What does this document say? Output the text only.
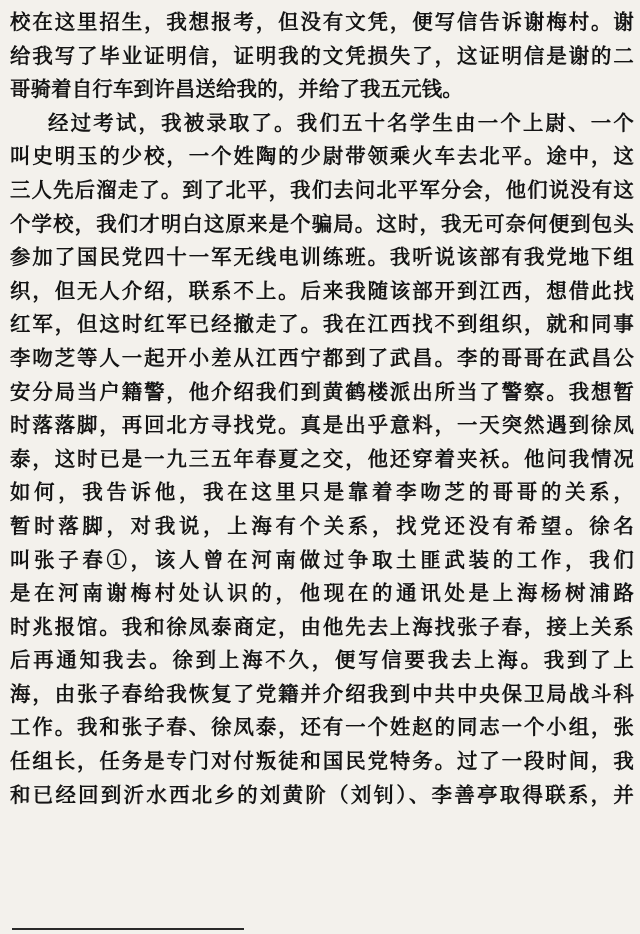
校在这里招生，我想报考，但没有文凭，便写信告诉谢梅村。谢
给我写了毕业证明信，证明我的文凭损失了，这证明信是谢的二
哥骑着自行车到许昌送给我的，并给了我五元钱。
经过考试，我被录取了。我们五十名学生由一个上尉、一个
叫史明玉的少校，一个姓陶的少尉带领乘火车去北平。途中，这
三人先后溜走了。到了北平，我们去问北平军分会，他们说没有这
个学校，我们才明白这原来是个骗局。这时，我无可奈何便到包头
参加了国民党四十一军无线电训练班。我听说该部有我党地下组
织，但无人介绍，联系不上。后来我随该部开到江西，想借此找
红军，但这时红军已经撤走了。我在江西找不到组织，就和同事
李吻芝等人一起开小差从江西宁都到了武昌。李的哥哥在武昌公
安分局当户籍警，他介绍我们到黄鹤楼派出所当了警察。我想暂
时落落脚，再回北方寻找党。真是出乎意料，一天突然遇到徐凤
泰，这时已是一九三五年春夏之交，他还穿着夹袄。他问我情况
如何，我告诉他，我在这里只是靠着李吻芝的哥哥的关系，
暂时落脚，对我说，上海有个关系，找党还没有希望。徐名
叫张子春①，该人曾在河南做过争取土匪武装的工作，我们
是在河南谢梅村处认识的，他现在的通讯处是上海杨树浦路
时兆报馆。我和徐凤泰商定，由他先去上海找张子春，接上关系
后再通知我去。徐到上海不久，便写信要我去上海。我到了上
海，由张子春给我恢复了党籍并介绍我到中共中央保卫局战斗科
工作。我和张子春、徐凤泰，还有一个姓赵的同志一个小组，张
任组长，任务是专门对付叛徒和国民党特务。过了一段时间，我
和已经回到沂水西北乡的刘黄阶（刘钊）、李善亭取得联系，并
